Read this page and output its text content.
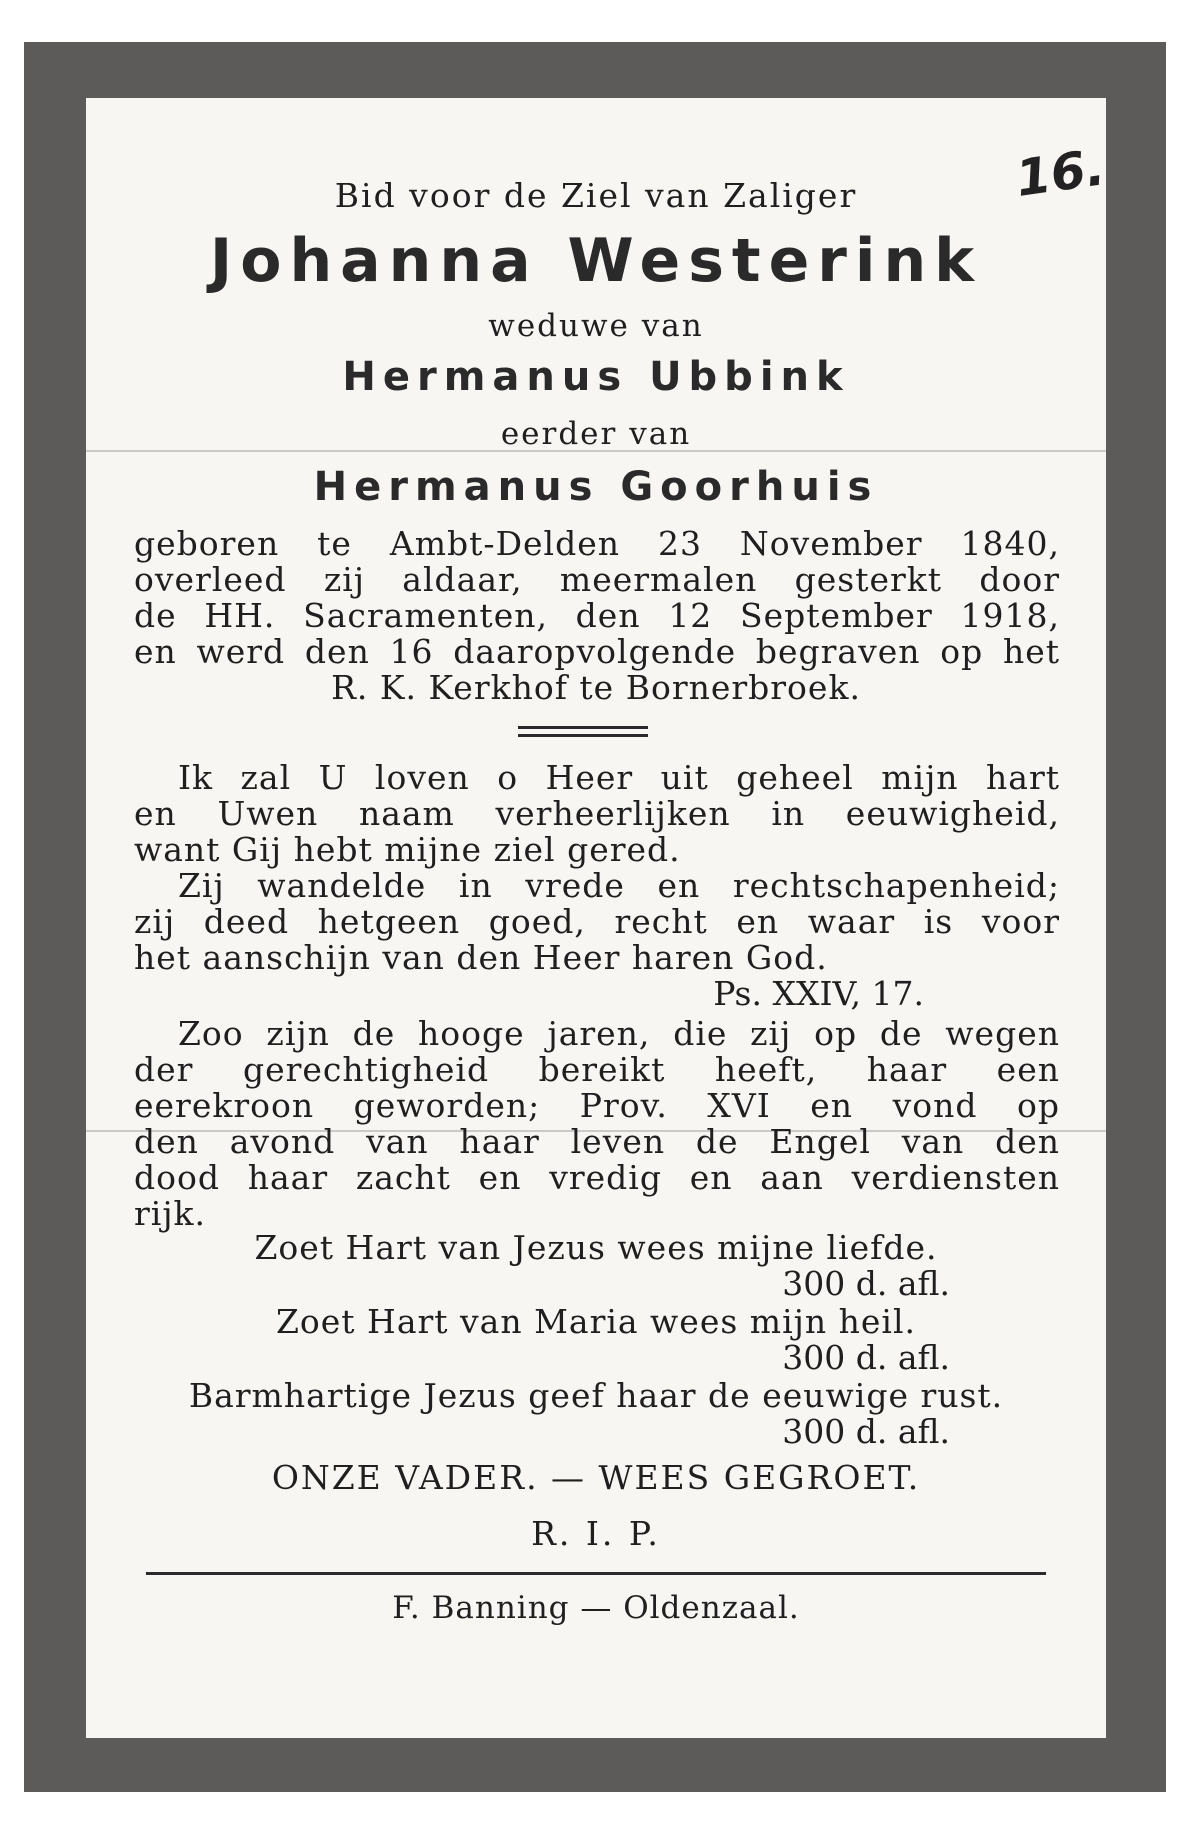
16.
Bid voor de Ziel van Zaliger
Johanna Westerink
weduwe van
Hermanus Ubbink
eerder van
Hermanus Goorhuis
geboren te Ambt-Delden 23 November 1840,
overleed zij aldaar, meermalen gesterkt door
de HH. Sacramenten, den 12 September 1918,
en werd den 16 daaropvolgende begraven op het
R. K. Kerkhof te Bornerbroek.
Ik zal U loven o Heer uit geheel mijn hart
en Uwen naam verheerlijken in eeuwigheid,
want Gij hebt mijne ziel gered.
Zij wandelde in vrede en rechtschapenheid;
zij deed hetgeen goed, recht en waar is voor
het aanschijn van den Heer haren God.
Ps. XXIV, 17.
Zoo zijn de hooge jaren, die zij op de wegen
der gerechtigheid bereikt heeft, haar een
eerekroon geworden; Prov. XVI en vond op
den avond van haar leven de Engel van den
dood haar zacht en vredig en aan verdiensten
rijk.
Zoet Hart van Jezus wees mijne liefde.
300 d. afl.
Zoet Hart van Maria wees mijn heil.
300 d. afl.
Barmhartige Jezus geef haar de eeuwige rust.
300 d. afl.
ONZE VADER. — WEES GEGROET.
R. I. P.
F. Banning — Oldenzaal.
